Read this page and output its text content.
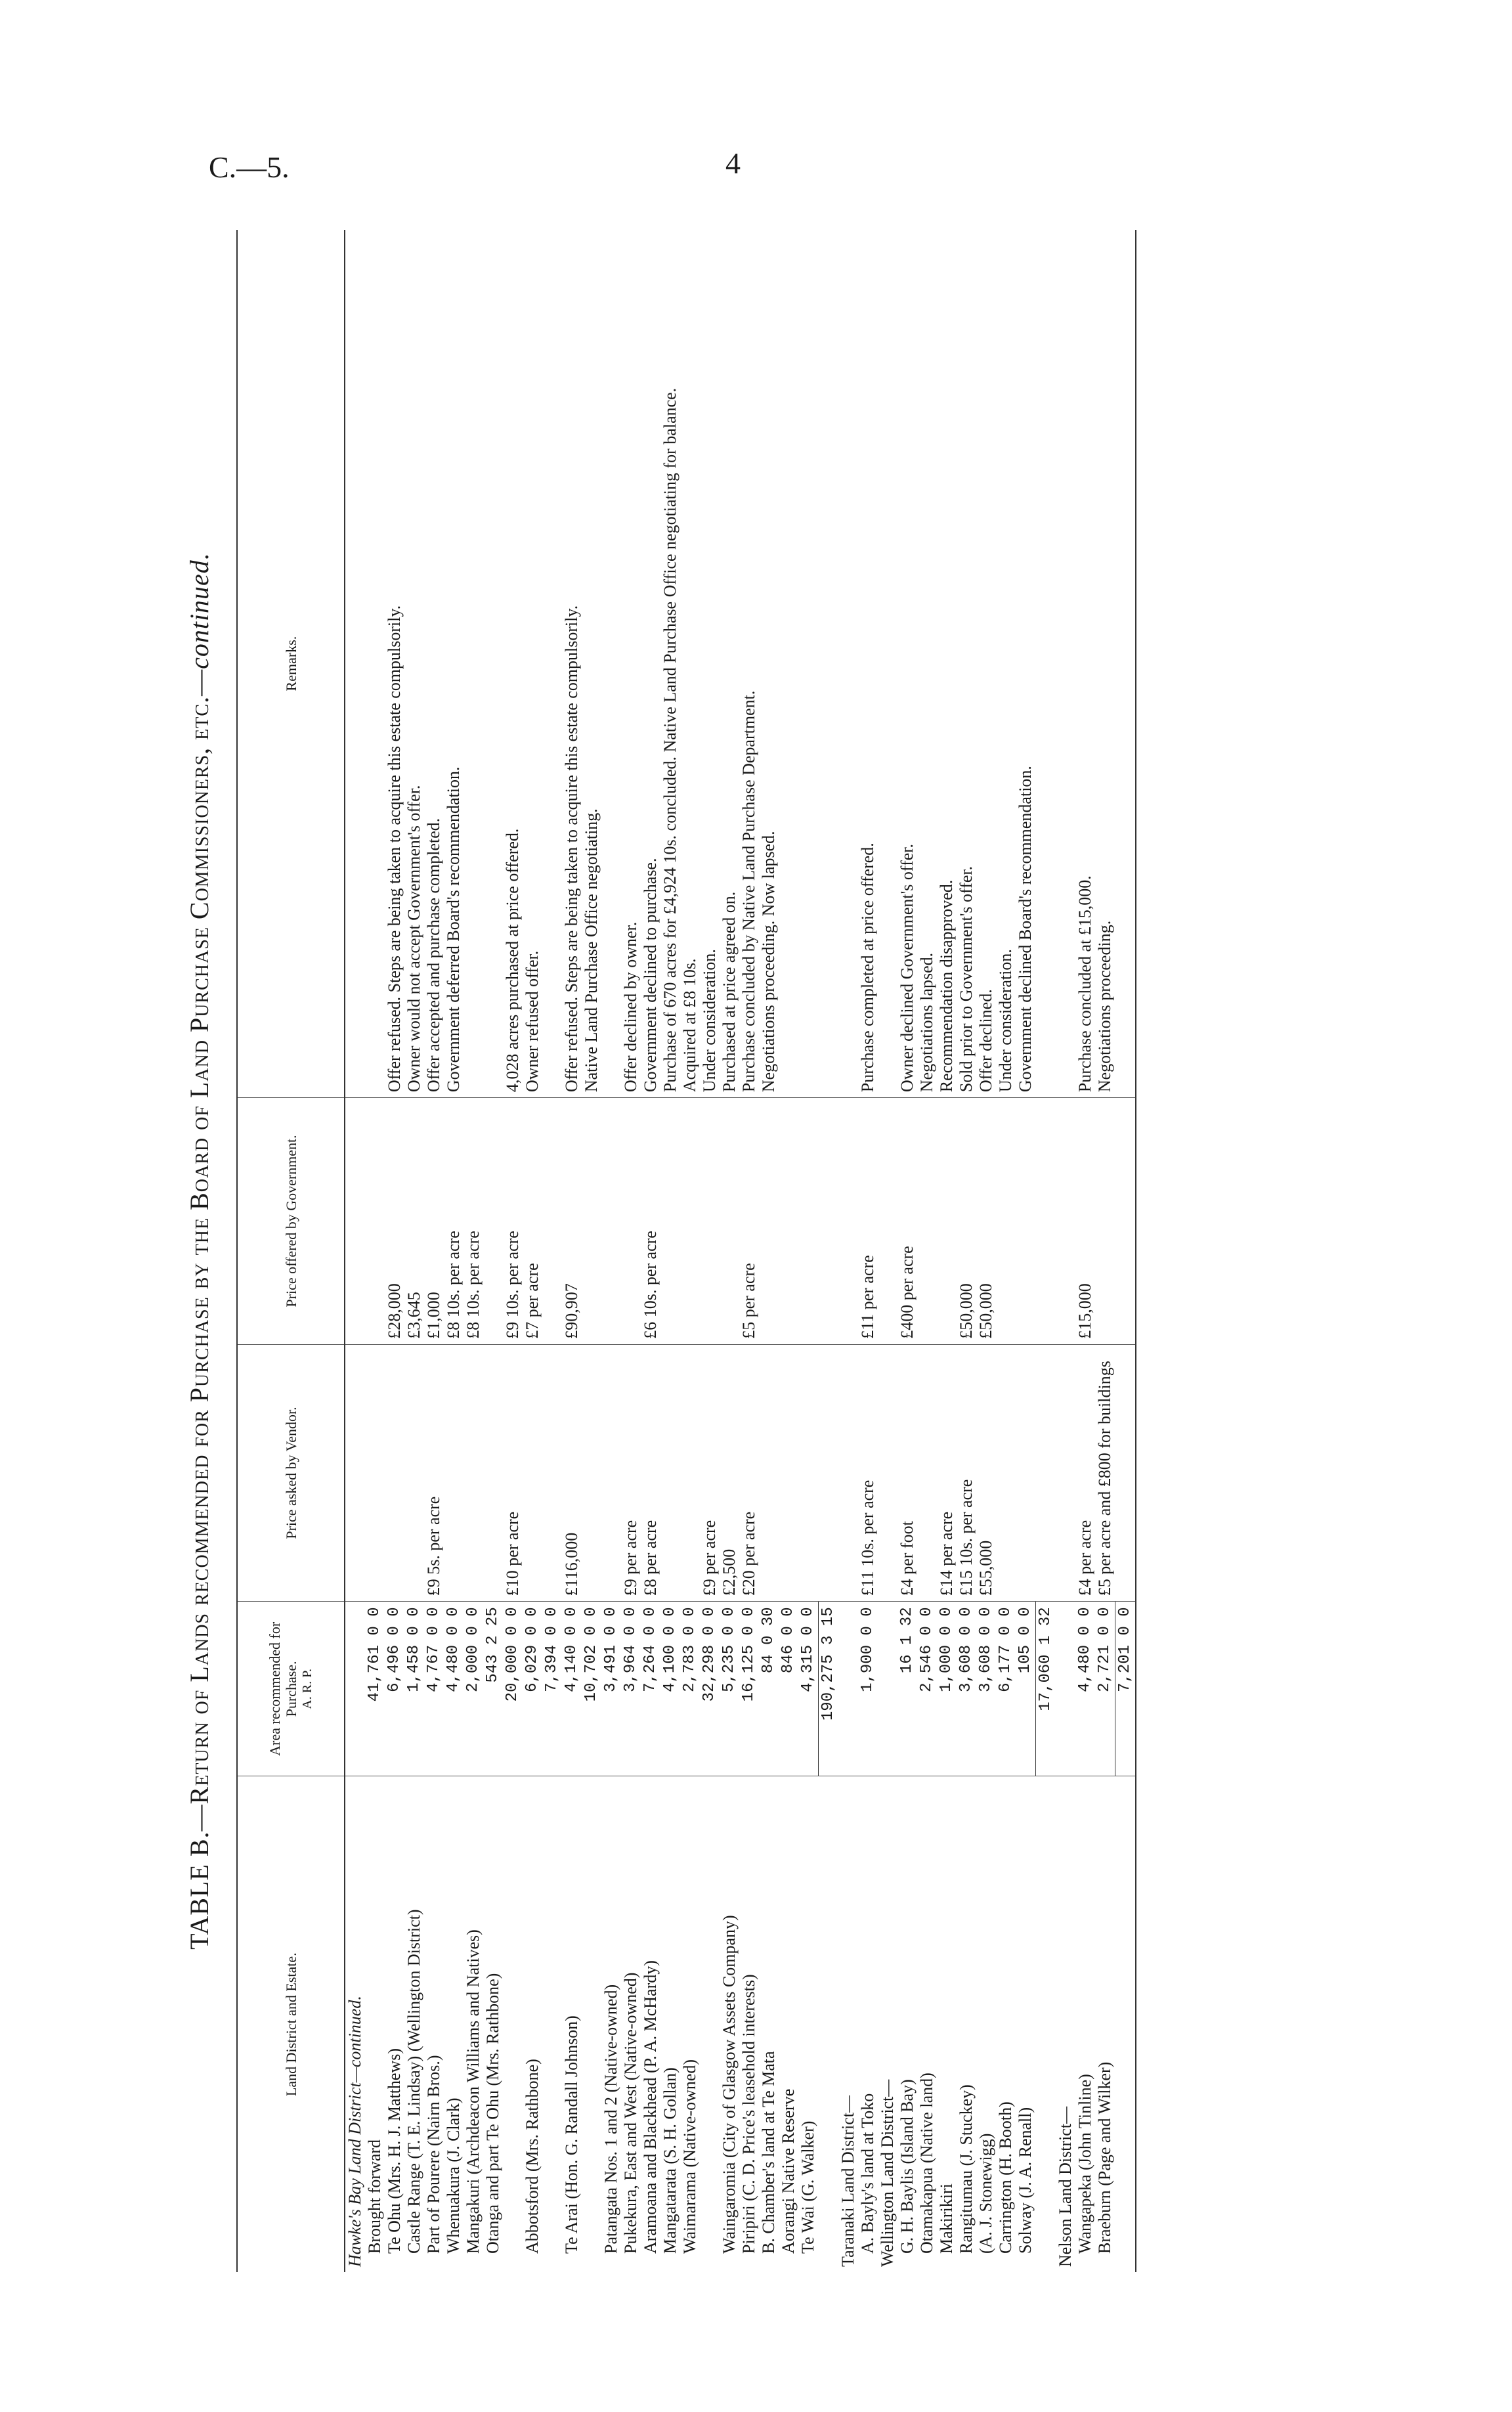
C.—5.	4
TABLE B.—Return of Lands recommended for Purchase by the Board of Land Purchase Commissioners, etc.—continued.
Land District and Estate.	Area recommended for Purchase. A. R. P.	Price asked by Vendor.	Price offered by Government.	Remarks.
Hawke's Bay Land District—continued.				
Brought forward	41,761 0 0			
Te Ohu (Mrs. H. J. Matthews)	6,496 0 0		£28,000	Offer refused. Steps are being taken to acquire this estate compulsorily.
Castle Range (T. E. Lindsay) (Wellington District)	1,458 0 0		£3,645	Owner would not accept Government's offer.
Part of Pourere (Nairn Bros.)	4,767 0 0	£9 5s. per acre	£1,000	Offer accepted and purchase completed.
Whenuakura (J. Clark)	4,480 0 0		£8 10s. per acre	Government deferred Board's recommendation.
Mangakuri (Archdeacon Williams and Natives)	2,000 0 0		£8 10s. per acre	
Otanga and part Te Ohu (Mrs. Rathbone)	543 2 25			
	20,000 0 0	£10 per acre	£9 10s. per acre	4,028 acres purchased at price offered.
Abbotsford (Mrs. Rathbone)	6,029 0 0		£7 per acre	Owner refused offer.
	7,394 0 0			
Te Arai (Hon. G. Randall Johnson)	4,140 0 0	£116,000	£90,907	Offer refused. Steps are being taken to acquire this estate compulsorily.
	10,702 0 0			Native Land Purchase Office negotiating.
Patangata Nos. 1 and 2 (Native-owned)	3,491 0 0			
Pukekura, East and West (Native-owned)	3,964 0 0	£9 per acre		Offer declined by owner.
Aramoana and Blackhead (P. A. McHardy)	7,264 0 0	£8 per acre	£6 10s. per acre	Government declined to purchase.
Mangatarata (S. H. Gollan)	4,100 0 0			Purchase of 670 acres for £4,924 10s. concluded. Native Land Purchase Office negotiating for balance.
Waimarama (Native-owned)	2,783 0 0			Acquired at £8 10s.
	32,298 0 0	£9 per acre		Under consideration.
Waingaromia (City of Glasgow Assets Company)	5,235 0 0	£2,500		Purchased at price agreed on.
Piripiri (C. D. Price's leasehold interests)	16,125 0 0	£20 per acre	£5 per acre	Purchase concluded by Native Land Purchase Department.
B. Chamber's land at Te Mata	84 0 30			Negotiations proceeding. Now lapsed.
Aorangi Native Reserve	846 0 0			
Te Wai (G. Walker)	4,315 0 0			
	190,275 3 15			
Taranaki Land District—				
A. Bayly's land at Toko	1,900 0 0	£11 10s. per acre	£11 per acre	Purchase completed at price offered.
Wellington Land District—				
G. H. Baylis (Island Bay)	16 1 32	£4 per foot	£400 per acre	Owner declined Government's offer.
Otamakapua (Native land)	2,546 0 0			Negotiations lapsed.
Makirikiri	1,000 0 0	£14 per acre		Recommendation disapproved.
Rangitumau (J. Stuckey)	3,608 0 0	£15 10s. per acre	£50,000	Sold prior to Government's offer.
(A. J. Stonewigg)	3,608 0 0	£55,000	£50,000	Offer declined.
Carrington (H. Booth)	6,177 0 0			Under consideration.
Solway (J. A. Renall)	105 0 0			Government declined Board's recommendation.
	17,060 1 32			
Nelson Land District—				
Wangapeka (John Tinline)	4,480 0 0	£4 per acre	£15,000	Purchase concluded at £15,000.
Braeburn (Page and Wilker)	2,721 0 0	£5 per acre and £800 for buildings		Negotiations proceeding.
	7,201 0 0			
